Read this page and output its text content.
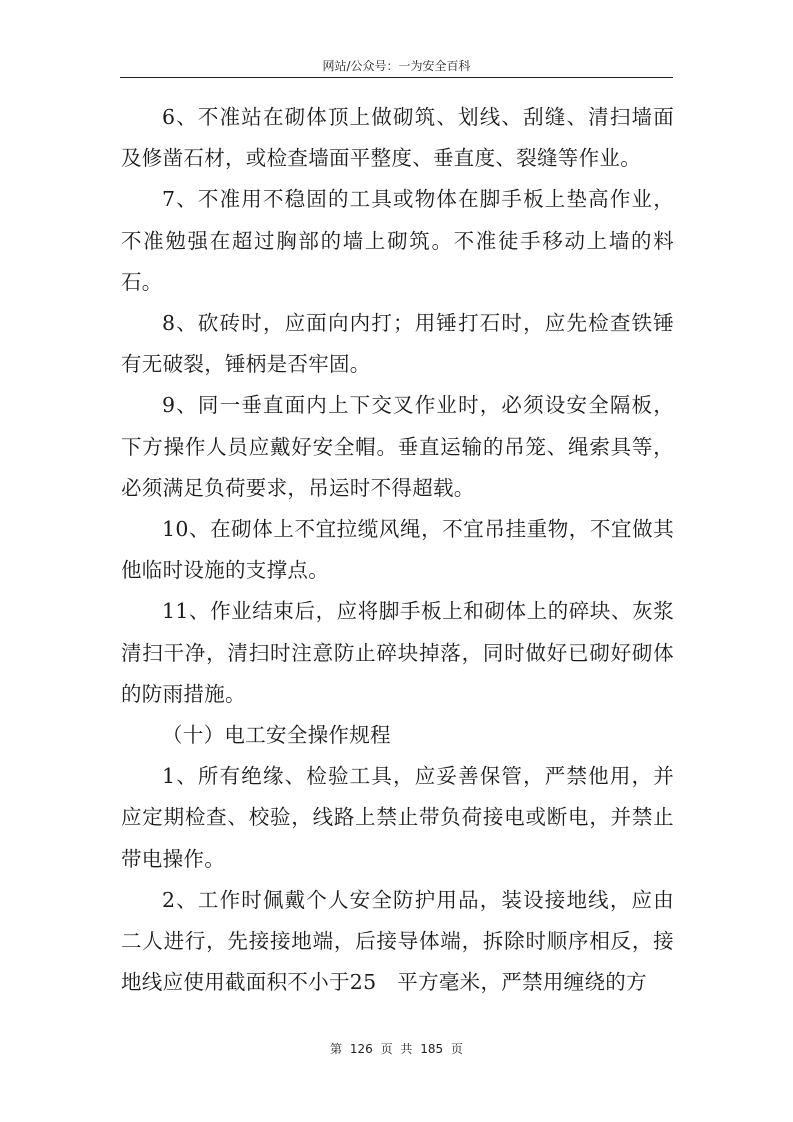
网站/公众号：一为安全百科

6、不准站在砌体顶上做砌筑、划线、刮缝、清扫墙面及修凿石材，或检查墙面平整度、垂直度、裂缝等作业。

7、不准用不稳固的工具或物体在脚手板上垫高作业，不准勉强在超过胸部的墙上砌筑。不准徒手移动上墙的料石。

8、砍砖时，应面向内打；用锤打石时，应先检查铁锤有无破裂，锤柄是否牢固。

9、同一垂直面内上下交叉作业时，必须设安全隔板，下方操作人员应戴好安全帽。垂直运输的吊笼、绳索具等，必须满足负荷要求，吊运时不得超载。

10、在砌体上不宜拉缆风绳，不宜吊挂重物，不宜做其他临时设施的支撑点。

11、作业结束后，应将脚手板上和砌体上的碎块、灰浆清扫干净，清扫时注意防止碎块掉落，同时做好已砌好砌体的防雨措施。

（十）电工安全操作规程

1、所有绝缘、检验工具，应妥善保管，严禁他用，并应定期检查、校验，线路上禁止带负荷接电或断电，并禁止带电操作。

2、工作时佩戴个人安全防护用品，装设接地线，应由二人进行，先接接地端，后接导体端，拆除时顺序相反，接地线应使用截面积不小于25　平方毫米，严禁用缠绕的方

第 126 页 共 185 页
